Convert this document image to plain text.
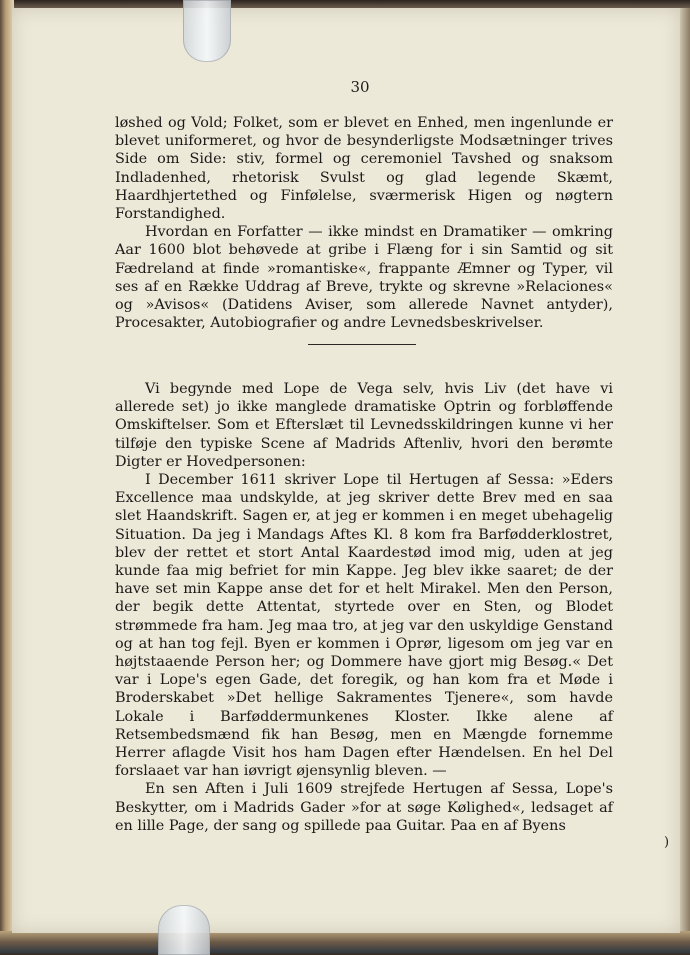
30

løshed og Vold; Folket, som er blevet en Enhed, men ingenlunde er blevet uniformeret, og hvor de besynderligste Modsætninger trives Side om Side: stiv, formel og ceremoniel Tavshed og snaksom Indladenhed, rhetorisk Svulst og glad legende Skæmt, Haardhjertethed og Finfølelse, sværmerisk Higen og nøgtern Forstandighed.

Hvordan en Forfatter — ikke mindst en Dramatiker — omkring Aar 1600 blot behøvede at gribe i Flæng for i sin Samtid og sit Fædreland at finde »romantiske«, frappante Æmner og Typer, vil ses af en Række Uddrag af Breve, trykte og skrevne »Relaciones« og »Avisos« (Datidens Aviser, som allerede Navnet antyder), Procesakter, Autobiografier og andre Levnedsbeskrivelser.

Vi begynde med Lope de Vega selv, hvis Liv (det have vi allerede set) jo ikke manglede dramatiske Optrin og forbløffende Omskiftelser. Som et Efterslæt til Levnedsskildringen kunne vi her tilføje den typiske Scene af Madrids Aftenliv, hvori den berømte Digter er Hovedpersonen:

I December 1611 skriver Lope til Hertugen af Sessa: »Eders Excellence maa undskylde, at jeg skriver dette Brev med en saa slet Haandskrift. Sagen er, at jeg er kommen i en meget ubehagelig Situation. Da jeg i Mandags Aftes Kl. 8 kom fra Barfødderklostret, blev der rettet et stort Antal Kaardestød imod mig, uden at jeg kunde faa mig befriet for min Kappe. Jeg blev ikke saaret; de der have set min Kappe anse det for et helt Mirakel. Men den Person, der begik dette Attentat, styrtede over en Sten, og Blodet strømmede fra ham. Jeg maa tro, at jeg var den uskyldige Genstand og at han tog fejl. Byen er kommen i Oprør, ligesom om jeg var en højtstaaende Person her; og Dommere have gjort mig Besøg.« Det var i Lope's egen Gade, det foregik, og han kom fra et Møde i Broderskabet »Det hellige Sakramentes Tjenere«, som havde Lokale i Barføddermunkenes Kloster. Ikke alene af Retsembedsmænd fik han Besøg, men en Mængde fornemme Herrer aflagde Visit hos ham Dagen efter Hændelsen. En hel Del forslaaet var han iøvrigt øjensynlig bleven. —

En sen Aften i Juli 1609 strejfede Hertugen af Sessa, Lope's Beskytter, om i Madrids Gader »for at søge Kølighed«, ledsaget af en lille Page, der sang og spillede paa Guitar. Paa en af Byens

)
